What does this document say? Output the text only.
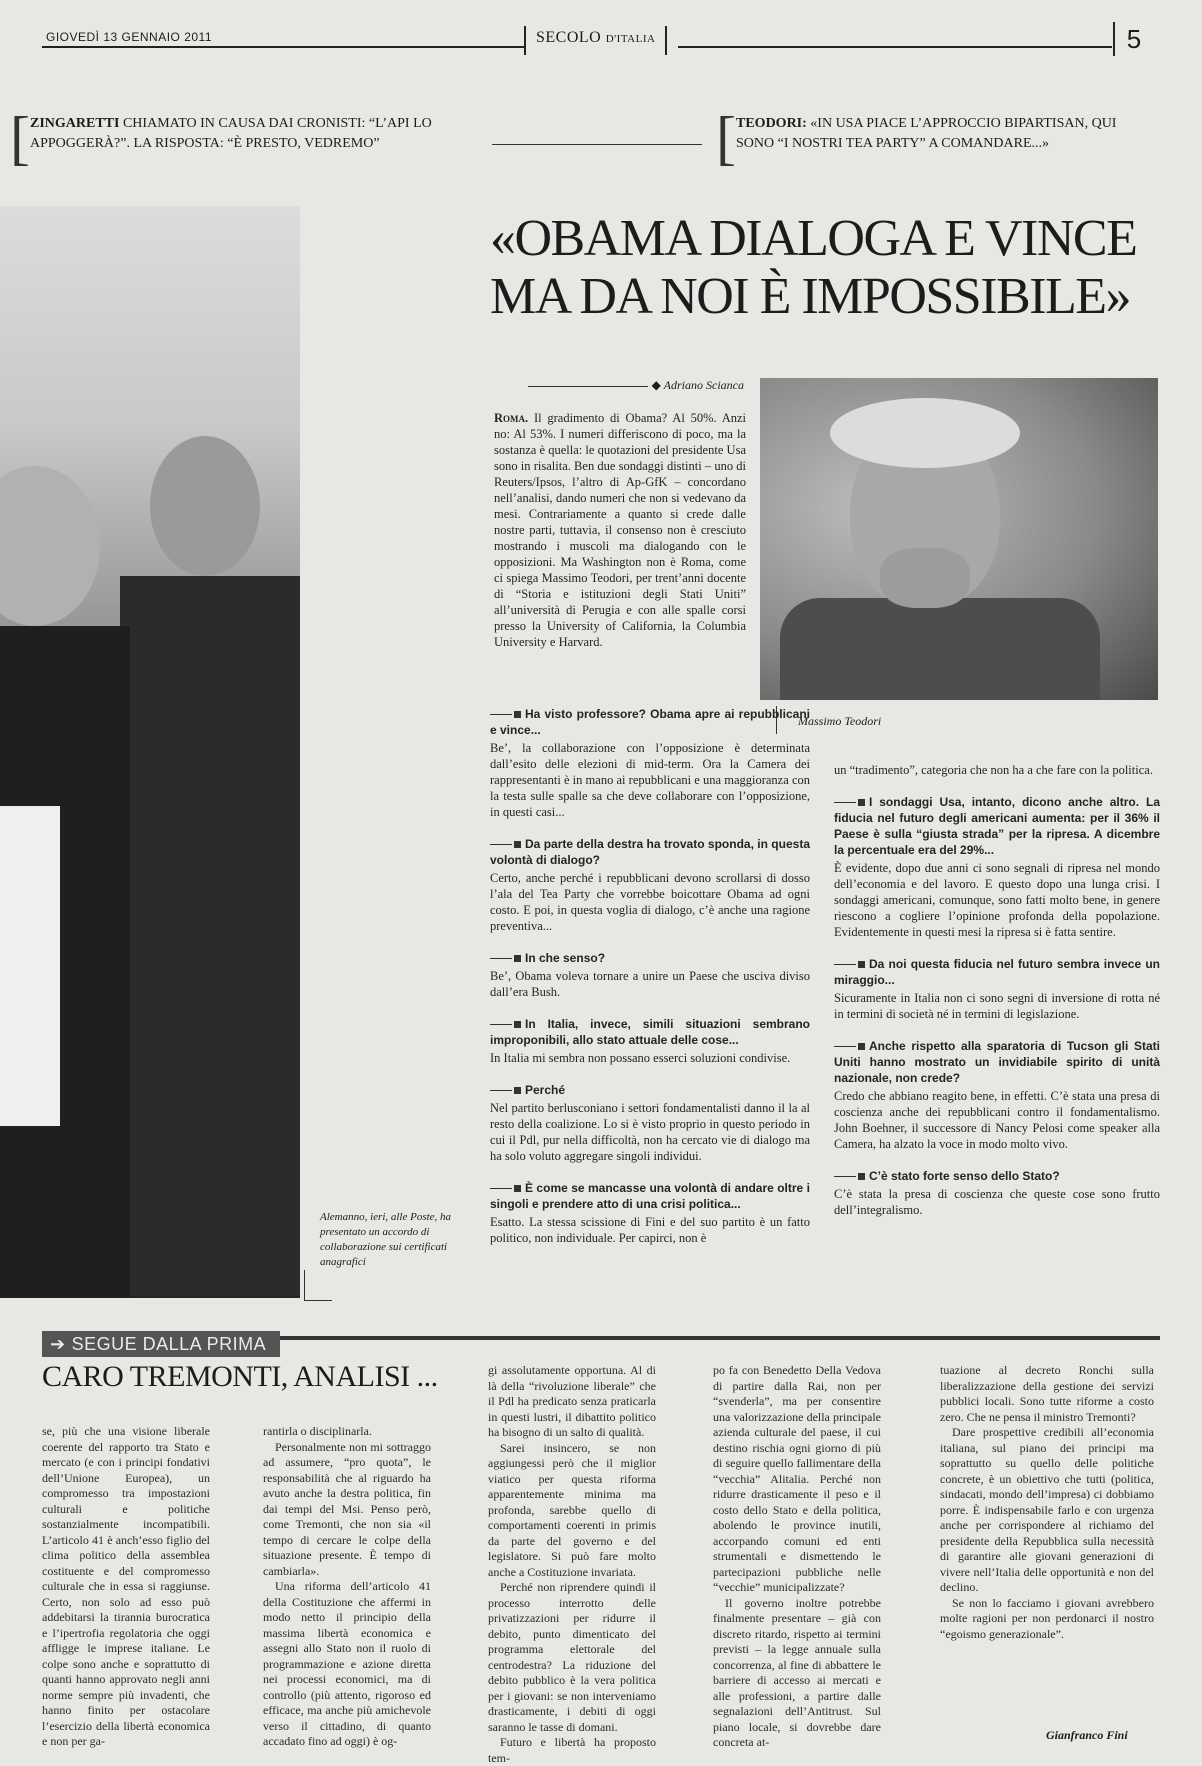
GIOVEDÌ 13 GENNAIO 2011	SECOLO D'ITALIA	5
[ ZINGARETTI CHIAMATO IN CAUSA DAI CRONISTI: “L’API LO APPOGGERÀ?”. LA RISPOSTA: “È PRESTO, VEDREMO”	[ TEODORI: «IN USA PIACE L’APPROCCIO BIPARTISAN, QUI SONO “I NOSTRI TEA PARTY” A COMANDARE...»
Alemanno, ieri, alle Poste, ha presentato un accordo di collaborazione sui certificati anagrafici
«OBAMA DIALOGA E VINCE MA DA NOI È IMPOSSIBILE»
◆ Adriano Scianca
Massimo Teodori

Roma. Il gradimento di Obama? Al 50%. Anzi no: Al 53%. I numeri differiscono di poco, ma la sostanza è quella: le quotazioni del presidente Usa sono in risalita. Ben due sondaggi distinti – uno di Reuters/Ipsos, l’altro di Ap-GfK – concordano nell’analisi, dando numeri che non si vedevano da mesi. Contrariamente a quanto si crede dalle nostre parti, tuttavia, il consenso non è cresciuto mostrando i muscoli ma dialogando con le opposizioni. Ma Washington non è Roma, come ci spiega Massimo Teodori, per trent’anni docente di “Storia e istituzioni degli Stati Uniti” all’università di Perugia e con alle spalle corsi presso la University of California, la Columbia University e Harvard.

Ha visto professore? Obama apre ai repubblicani e vince...

Be’, la collaborazione con l’opposizione è determinata dall’esito delle elezioni di mid-term. Ora la Camera dei rappresentanti è in mano ai repubblicani e una maggioranza con la testa sulle spalle sa che deve collaborare con l’opposizione, in questi casi...

Da parte della destra ha trovato sponda, in questa volontà di dialogo?

Certo, anche perché i repubblicani devono scrollarsi di dosso l’ala del Tea Party che vorrebbe boicottare Obama ad ogni costo. E poi, in questa voglia di dialogo, c’è anche una ragione preventiva...

In che senso?

Be’, Obama voleva tornare a unire un Paese che usciva diviso dall’era Bush.

In Italia, invece, simili situazioni sembrano improponibili, allo stato attuale delle cose...

In Italia mi sembra non possano esserci soluzioni condivise.

Perché

Nel partito berlusconiano i settori fondamentalisti danno il la al resto della coalizione. Lo si è visto proprio in questo periodo in cui il Pdl, pur nella difficoltà, non ha cercato vie di dialogo ma ha solo voluto aggregare singoli individui.

È come se mancasse una volontà di andare oltre i singoli e prendere atto di una crisi politica...

Esatto. La stessa scissione di Fini e del suo partito è un fatto politico, non individuale. Per capirci, non è

un “tradimento”, categoria che non ha a che fare con la politica.

I sondaggi Usa, intanto, dicono anche altro. La fiducia nel futuro degli americani aumenta: per il 36% il Paese è sulla “giusta strada” per la ripresa. A dicembre la percentuale era del 29%...

È evidente, dopo due anni ci sono segnali di ripresa nel mondo dell’economia e del lavoro. E questo dopo una lunga crisi. I sondaggi americani, comunque, sono fatti molto bene, in genere riescono a cogliere l’opinione profonda della popolazione. Evidentemente in questi mesi la ripresa si è fatta sentire.

Da noi questa fiducia nel futuro sembra invece un miraggio...

Sicuramente in Italia non ci sono segni di inversione di rotta né in termini di società né in termini di legislazione.

Anche rispetto alla sparatoria di Tucson gli Stati Uniti hanno mostrato un invidiabile spirito di unità nazionale, non crede?

Credo che abbiano reagito bene, in effetti. C’è stata una presa di coscienza anche dei repubblicani contro il fondamentalismo. John Boehner, il successore di Nancy Pelosi come speaker alla Camera, ha alzato la voce in modo molto vivo.

C’è stato forte senso dello Stato?

C’è stata la presa di coscienza che queste cose sono frutto dell’integralismo.

➔ SEGUE DALLA PRIMA
CARO TREMONTI, ANALISI ...

se, più che una visione liberale coerente del rapporto tra Stato e mercato (e con i principi fondativi dell’Unione Europea), un compromesso tra impostazioni culturali e politiche sostanzialmente incompatibili. L’articolo 41 è anch’esso figlio del clima politico della assemblea costituente e del compromesso culturale che in essa si raggiunse. Certo, non solo ad esso può addebitarsi la tirannia burocratica e l’ipertrofia regolatoria che oggi affligge le imprese italiane. Le colpe sono anche e soprattutto di quanti hanno approvato negli anni norme sempre più invadenti, che hanno finito per ostacolare l’esercizio della libertà economica e non per ga-

rantirla o disciplinarla.

Personalmente non mi sottraggo ad assumere, “pro quota”, le responsabilità che al riguardo ha avuto anche la destra politica, fin dai tempi del Msi. Penso però, come Tremonti, che non sia «il tempo di cercare le colpe della situazione presente. È tempo di cambiarla».

Una riforma dell’articolo 41 della Costituzione che affermi in modo netto il principio della massima libertà economica e assegni allo Stato non il ruolo di programmazione e azione diretta nei processi economici, ma di controllo (più attento, rigoroso ed efficace, ma anche più amichevole verso il cittadino, di quanto accadato fino ad oggi) è og-

gi assolutamente opportuna. Al di là della “rivoluzione liberale” che il Pdl ha predicato senza praticarla in questi lustri, il dibattito politico ha bisogno di un salto di qualità.

Sarei insincero, se non aggiungessi però che il miglior viatico per questa riforma apparentemente minima ma profonda, sarebbe quello di comportamenti coerenti in primis da parte del governo e del legislatore. Si può fare molto anche a Costituzione invariata.

Perché non riprendere quindi il processo interrotto delle privatizzazioni per ridurre il debito, punto dimenticato del programma elettorale del centrodestra? La riduzione del debito pubblico è la vera politica per i giovani: se non interveniamo drasticamente, i debiti di oggi saranno le tasse di domani.

Futuro e libertà ha proposto tem-

po fa con Benedetto Della Vedova di partire dalla Rai, non per “svenderla”, ma per consentire una valorizzazione della principale azienda culturale del paese, il cui destino rischia ogni giorno di più di seguire quello fallimentare della “vecchia” Alitalia. Perché non ridurre drasticamente il peso e il costo dello Stato e della politica, abolendo le province inutili, accorpando comuni ed enti strumentali e dismettendo le partecipazioni pubbliche nelle “vecchie” municipalizzate?

Il governo inoltre potrebbe finalmente presentare – già con discreto ritardo, rispetto ai termini previsti – la legge annuale sulla concorrenza, al fine di abbattere le barriere di accesso ai mercati e alle professioni, a partire dalle segnalazioni dell’Antitrust. Sul piano locale, si dovrebbe dare concreta at-

tuazione al decreto Ronchi sulla liberalizzazione della gestione dei servizi pubblici locali. Sono tutte riforme a costo zero. Che ne pensa il ministro Tremonti?

Dare prospettive credibili all’economia italiana, sul piano dei principi ma soprattutto su quello delle politiche concrete, è un obiettivo che tutti (politica, sindacati, mondo dell’impresa) ci dobbiamo porre. È indispensabile farlo e con urgenza anche per corrispondere al richiamo del presidente della Repubblica sulla necessità di garantire alle giovani generazioni di vivere nell’Italia delle opportunità e non del declino.

Se non lo facciamo i giovani avrebbero molte ragioni per non perdonarci il nostro “egoismo generazionale”.

Gianfranco Fini
